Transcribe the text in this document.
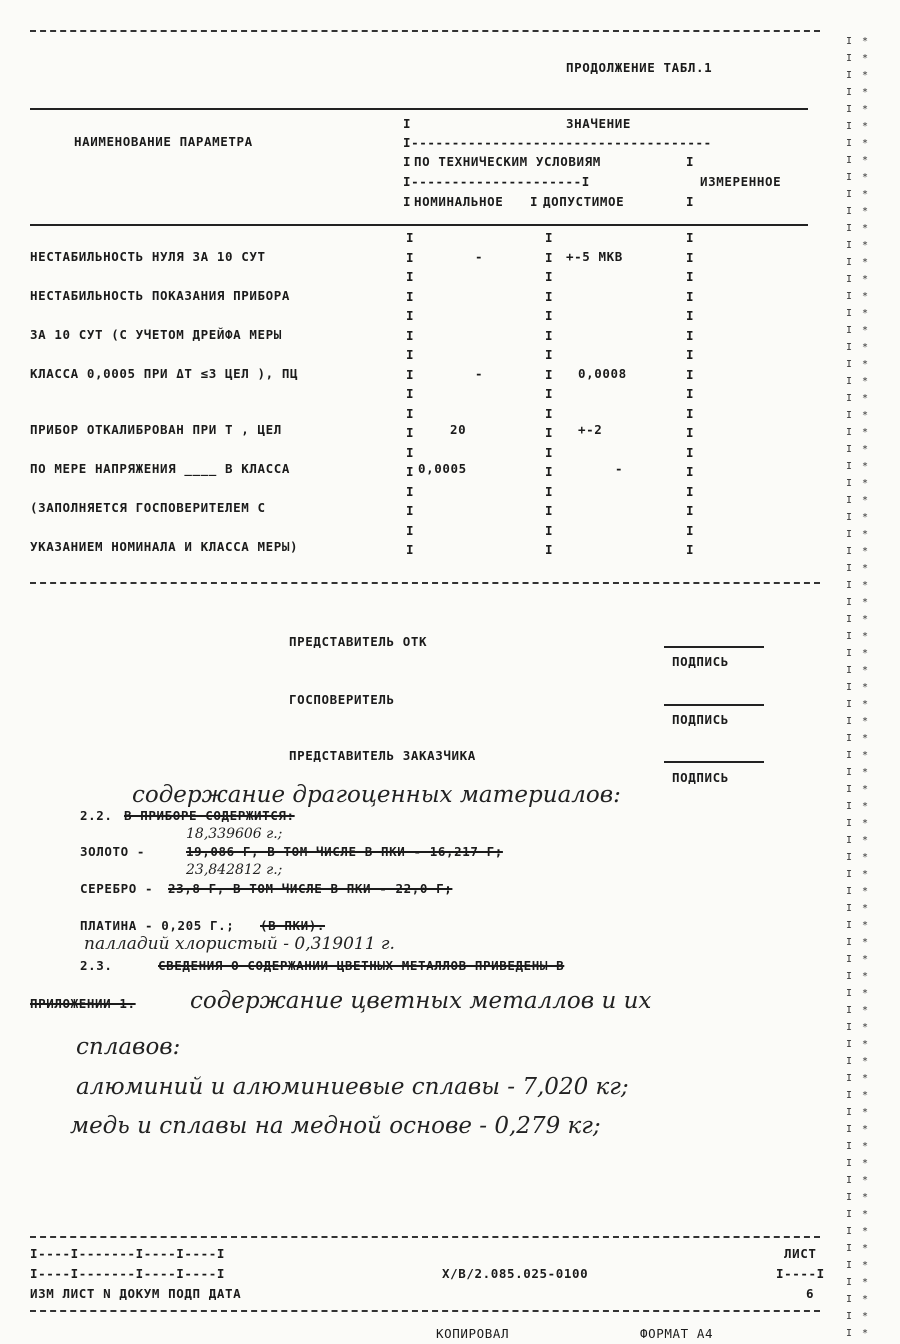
I *
I *
I *
I *
I *
I *
I *
I *
I *
I *
I *
I *
I *
I *
I *
I *
I *
I *
I *
I *
I *
I *
I *
I *
I *
I *
I *
I *
I *
I *
I *
I *
I *
I *
I *
I *
I *
I *
I *
I *
I *
I *
I *
I *
I *
I *
I *
I *
I *
I *
I *
I *
I *
I *
I *
I *
I *
I *
I *
I *
I *
I *
I *
I *
I *
I *
I *
I *
I *
I *
I *
I *
I *
I *
I *
I *
I *
ПРОДОЛЖЕНИЕ ТАБЛ.1
НАИМЕНОВАНИЕ ПАРАМЕТРА
I	ЗНАЧЕНИЕ
I-------------------------------------
I ПО ТЕХНИЧЕСКИМ УСЛОВИЯМ	I
I---------------------I	ИЗМЕРЕННОЕ
I НОМИНАЛЬНОЕ I ДОПУСТИМОЕ	I
I	I	I
I	I	I
I	I	I
I	I	I
I	I	I
I	I	I
I	I	I
I	I	I
I	I	I
I	I	I
I	I	I
I	I	I
I	I	I
I	I	I
I	I	I
I	I	I
I	I	I
НЕСТАБИЛЬНОСТЬ НУЛЯ ЗА 10 СУТ	-	+-5 МКВ
НЕСТАБИЛЬНОСТЬ ПОКАЗАНИЯ ПРИБОРА
ЗА 10 СУТ (С УЧЕТОМ ДРЕЙФА МЕРЫ
КЛАССА 0,0005 ПРИ ΔT ≤3 ЦЕЛ ), ПЦ	-	0,0008
ПРИБОР ОТКАЛИБРОВАН ПРИ Т , ЦЕЛ	20	+-2
ПО МЕРЕ НАПРЯЖЕНИЯ ____ В КЛАССА	0,0005	-
(ЗАПОЛНЯЕТСЯ ГОСПОВЕРИТЕЛЕМ С
УКАЗАНИЕМ НОМИНАЛА И КЛАССА МЕРЫ)
ПРЕДСТАВИТЕЛЬ ОТК
ПОДПИСЬ
ГОСПОВЕРИТЕЛЬ
ПОДПИСЬ
ПРЕДСТАВИТЕЛЬ ЗАКАЗЧИКА
ПОДПИСЬ
содержание драгоценных материалов:
2.2. В ПРИБОРЕ СОДЕРЖИТСЯ:
18,339606 г.;
ЗОЛОТО -	19,086 Г, В ТОМ ЧИСЛЕ В ПКИ - 16,217 Г;
23,842812 г.;
СЕРЕБРО - 23,8 Г, В ТОМ ЧИСЛЕ В ПКИ - 22,0 Г;
ПЛАТИНА - 0,205 Г.; (В ПКИ).
палладий хлористый - 0,319011 г.
2.3.	СВЕДЕНИЯ О СОДЕРЖАНИИ ЦВЕТНЫХ МЕТАЛЛОВ ПРИВЕДЕНЫ В
ПРИЛОЖЕНИИ 1. содержание цветных металлов и их
сплавов:
алюминий и алюминиевые сплавы - 7,020 кг;
медь и сплавы на медной основе - 0,279 кг;
I----I-------I----I----I
I----I-------I----I----I
ИЗМ ЛИСТ N ДОКУМ ПОДП ДАТА
Х/В/2.085.025-0100
ЛИСТ
I----I
6
КОПИРОВАЛ	ФОРМАТ А4
